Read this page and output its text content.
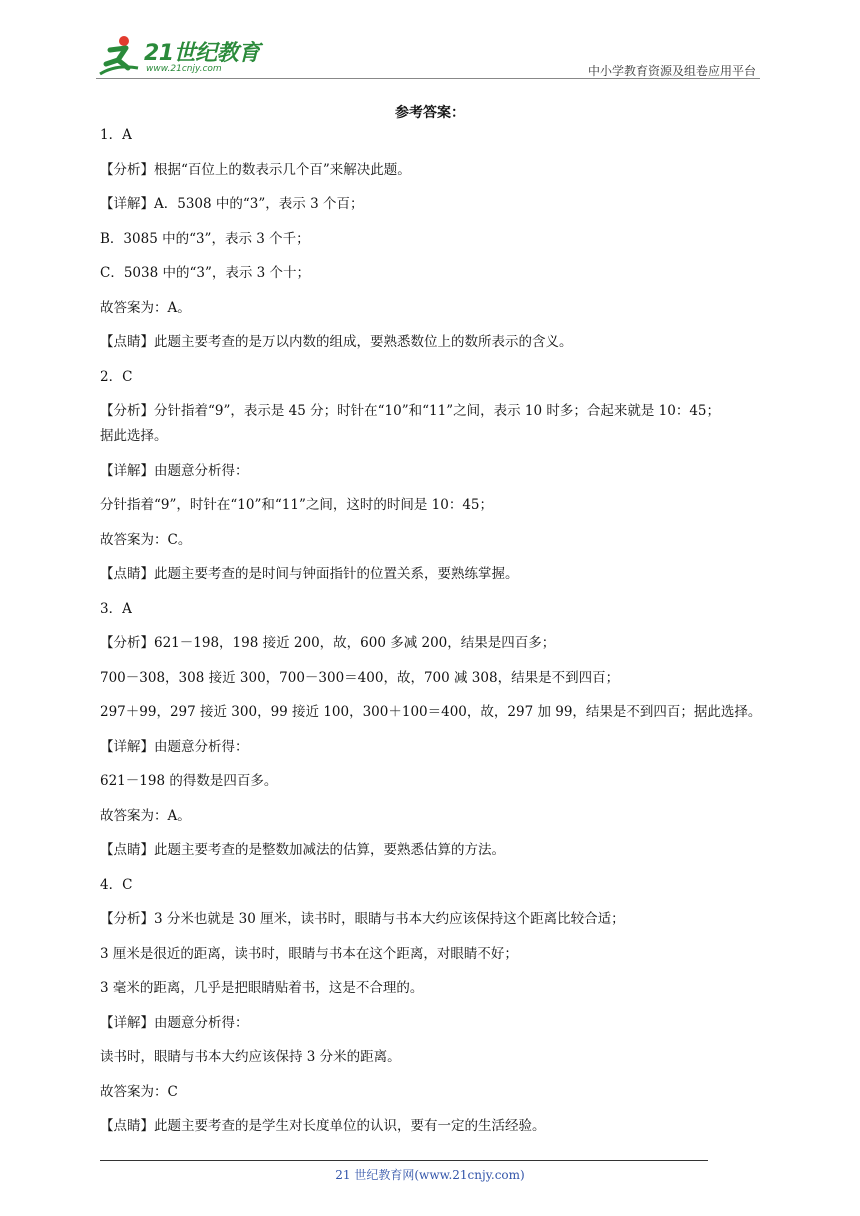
21世纪教育
www.21cnjy.com	中小学教育资源及组卷应用平台
参考答案：
1．A
【分析】根据“百位上的数表示几个百”来解决此题。
【详解】A．5308 中的“3”，表示 3 个百；
B．3085 中的“3”，表示 3 个千；
C．5038 中的“3”，表示 3 个十；
故答案为：A。
【点睛】此题主要考查的是万以内数的组成，要熟悉数位上的数所表示的含义。
2．C
【分析】分针指着“9”，表示是 45 分；时针在“10”和“11”之间，表示 10 时多；合起来就是 10：45；
据此选择。
【详解】由题意分析得：
分针指着“9”，时针在“10”和“11”之间，这时的时间是 10：45；
故答案为：C。
【点睛】此题主要考查的是时间与钟面指针的位置关系，要熟练掌握。
3．A
【分析】621－198，198 接近 200，故，600 多减 200，结果是四百多；
700－308，308 接近 300，700－300＝400，故，700 减 308，结果是不到四百；
297＋99，297 接近 300，99 接近 100，300＋100＝400，故，297 加 99，结果是不到四百；据此选择。
【详解】由题意分析得：
621－198 的得数是四百多。
故答案为：A。
【点睛】此题主要考查的是整数加减法的估算，要熟悉估算的方法。
4．C
【分析】3 分米也就是 30 厘米，读书时，眼睛与书本大约应该保持这个距离比较合适；
3 厘米是很近的距离，读书时，眼睛与书本在这个距离，对眼睛不好；
3 毫米的距离，几乎是把眼睛贴着书，这是不合理的。
【详解】由题意分析得：
读书时，眼睛与书本大约应该保持 3 分米的距离。
故答案为：C
【点睛】此题主要考查的是学生对长度单位的认识，要有一定的生活经验。
21 世纪教育网(www.21cnjy.com)
